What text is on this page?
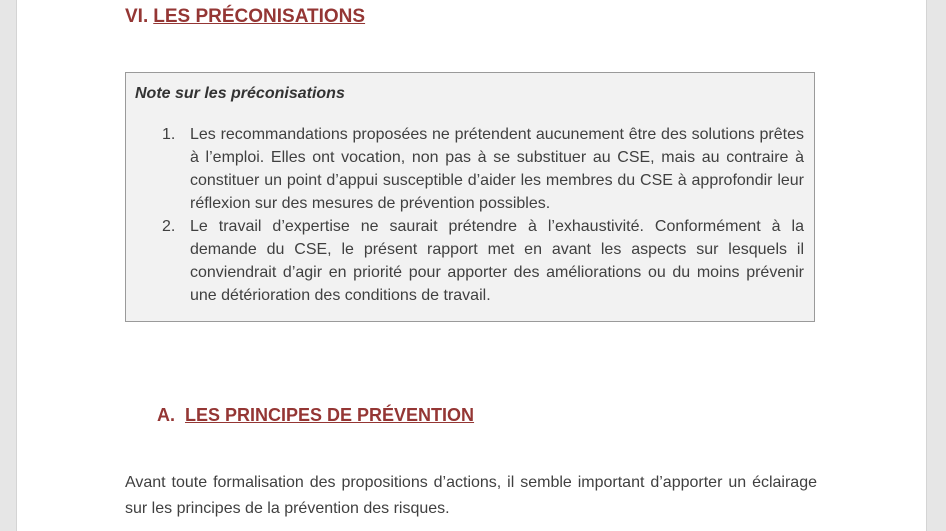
VI. LES PRÉCONISATIONS
Note sur les préconisations
1. Les recommandations proposées ne prétendent aucunement être des solutions prêtes à l’emploi. Elles ont vocation, non pas à se substituer au CSE, mais au contraire à constituer un point d’appui susceptible d’aider les membres du CSE à approfondir leur réflexion sur des mesures de prévention possibles.
2. Le travail d’expertise ne saurait prétendre à l’exhaustivité. Conformément à la demande du CSE, le présent rapport met en avant les aspects sur lesquels il conviendrait d’agir en priorité pour apporter des améliorations ou du moins prévenir une détérioration des conditions de travail.
A. LES PRINCIPES DE PRÉVENTION

Avant toute formalisation des propositions d’actions, il semble important d’apporter un éclairage sur les principes de la prévention des risques.
